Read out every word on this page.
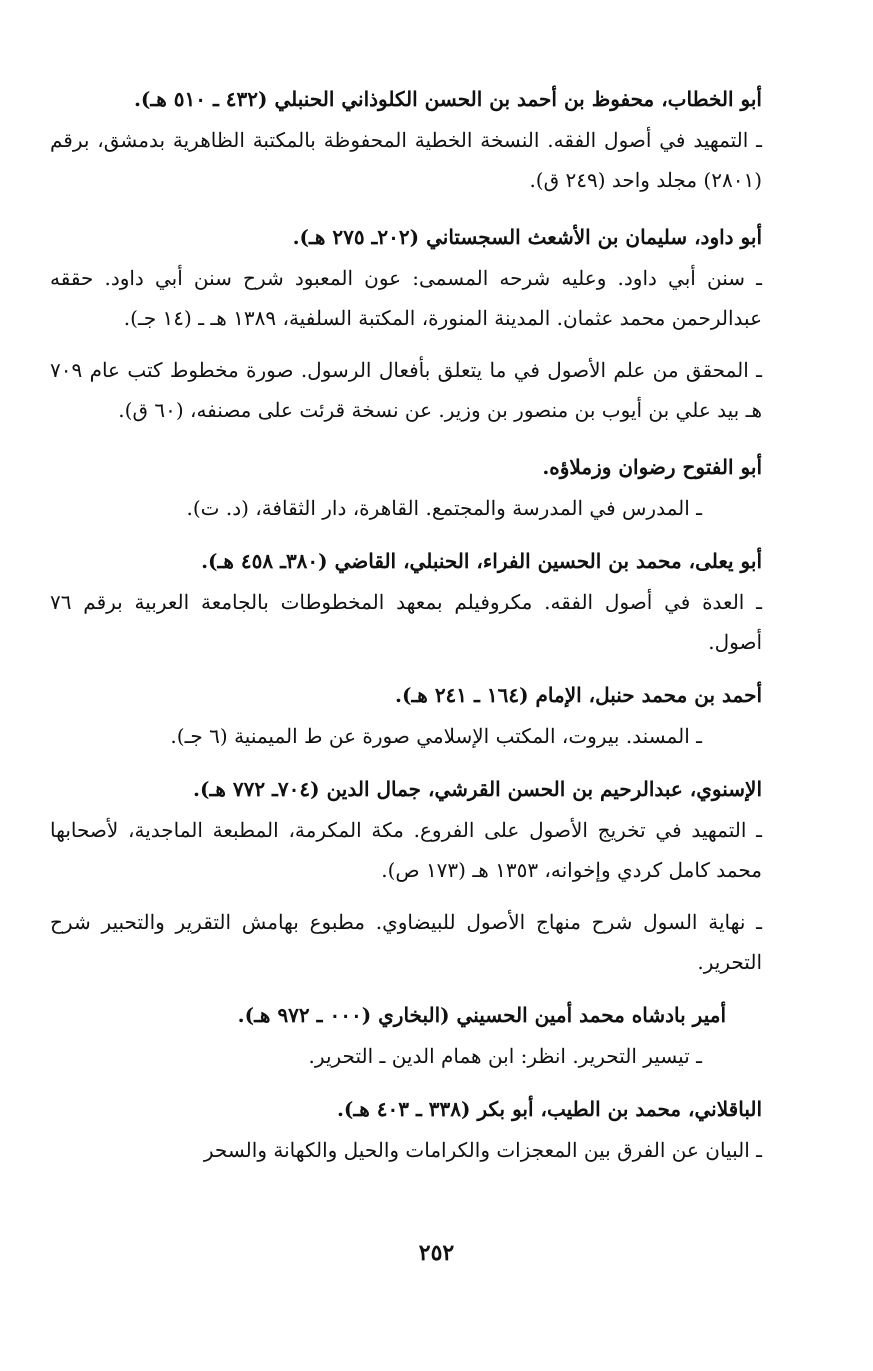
أبو الخطاب، محفوظ بن أحمد بن الحسن الكلوذاني الحنبلي (٤٣٢ ـ ٥١٠ هـ).

ـ التمهيد في أصول الفقه. النسخة الخطية المحفوظة بالمكتبة الظاهرية بدمشق، برقم (٢٨٠١) مجلد واحد (٢٤٩ ق).

أبو داود، سليمان بن الأشعث السجستاني (٢٠٢ـ ٢٧٥ هـ).

ـ سنن أبي داود. وعليه شرحه المسمى: عون المعبود شرح سنن أبي داود. حققه عبدالرحمن محمد عثمان. المدينة المنورة، المكتبة السلفية، ١٣٨٩ هـ ـ (١٤ جـ).

ـ المحقق من علم الأصول في ما يتعلق بأفعال الرسول. صورة مخطوط كتب عام ٧٠٩ هـ بيد علي بن أيوب بن منصور بن وزير. عن نسخة قرئت على مصنفه، (٦٠ ق).

أبو الفتوح رضوان وزملاؤه.

ـ المدرس في المدرسة والمجتمع. القاهرة، دار الثقافة، (د. ت).

أبو يعلى، محمد بن الحسين الفراء، الحنبلي، القاضي (٣٨٠ـ ٤٥٨ هـ).

ـ العدة في أصول الفقه. مكروفيلم بمعهد المخطوطات بالجامعة العربية برقم ٧٦ أصول.

أحمد بن محمد حنبل، الإمام (١٦٤ ـ ٢٤١ هـ).

ـ المسند. بيروت، المكتب الإسلامي صورة عن ط الميمنية (٦ جـ).

الإسنوي، عبدالرحيم بن الحسن القرشي، جمال الدين (٧٠٤ـ ٧٧٢ هـ).

ـ التمهيد في تخريج الأصول على الفروع. مكة المكرمة، المطبعة الماجدية، لأصحابها محمد كامل كردي وإخوانه، ١٣٥٣ هـ (١٧٣ ص).

ـ نهاية السول شرح منهاج الأصول للبيضاوي. مطبوع بهامش التقرير والتحبير شرح التحرير.

أمير بادشاه محمد أمين الحسيني (البخاري (٠٠٠ ـ ٩٧٢ هـ).

ـ تيسير التحرير. انظر: ابن همام الدين ـ التحرير.

الباقلاني، محمد بن الطيب، أبو بكر (٣٣٨ ـ ٤٠٣ هـ).

ـ البيان عن الفرق بين المعجزات والكرامات والحيل والكهانة والسحر

٢٥٢
